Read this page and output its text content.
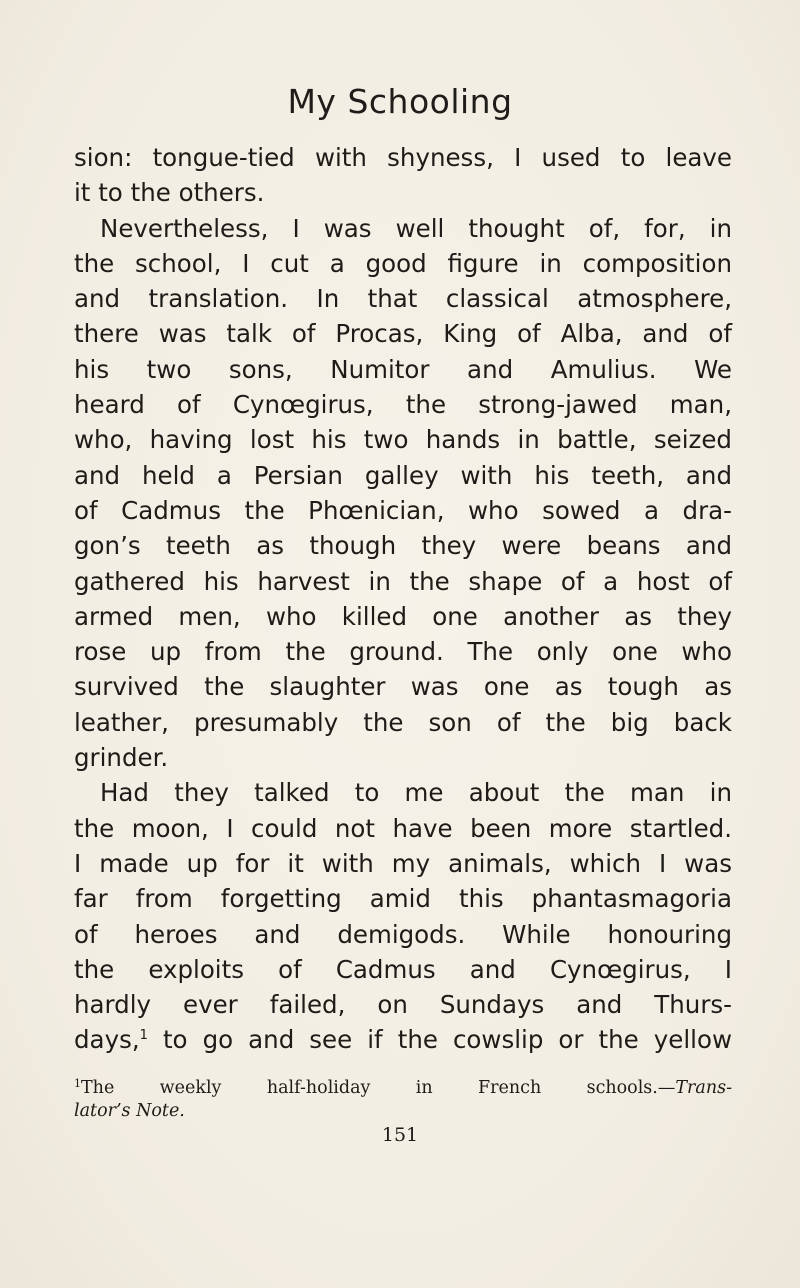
My Schooling
sion: tongue-tied with shyness, I used to leave
it to the others.
Nevertheless, I was well thought of, for, in
the school, I cut a good figure in composition
and translation. In that classical atmosphere,
there was talk of Procas, King of Alba, and of
his two sons, Numitor and Amulius. We
heard of Cynœgirus, the strong-jawed man,
who, having lost his two hands in battle, seized
and held a Persian galley with his teeth, and
of Cadmus the Phœnician, who sowed a dra-
gon’s teeth as though they were beans and
gathered his harvest in the shape of a host of
armed men, who killed one another as they
rose up from the ground. The only one who
survived the slaughter was one as tough as
leather, presumably the son of the big back
grinder.
Had they talked to me about the man in
the moon, I could not have been more startled.
I made up for it with my animals, which I was
far from forgetting amid this phantasmagoria
of heroes and demigods. While honouring
the exploits of Cadmus and Cynœgirus, I
hardly ever failed, on Sundays and Thurs-
days,$^1$ to go and see if the cowslip or the yellow
$^1$The weekly half-holiday in French schools.—Trans-
lator’s Note.
151
